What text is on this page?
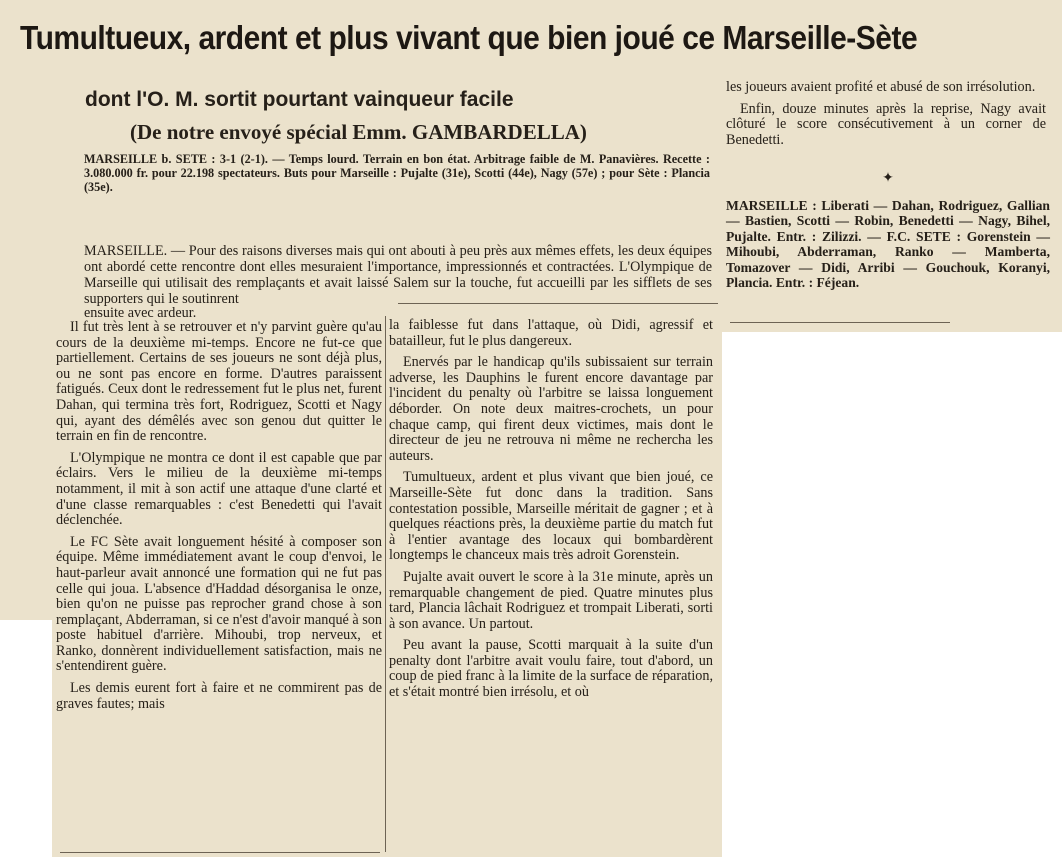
Tumultueux, ardent et plus vivant que bien joué ce Marseille-Sète
dont l'O. M. sortit pourtant vainqueur facile
(De notre envoyé spécial Emm. GAMBARDELLA)
MARSEILLE b. SETE : 3-1 (2-1). — Temps lourd. Terrain en bon état. Arbitrage faible de M. Panavières. Recette : 3.080.000 fr. pour 22.198 spectateurs. Buts pour Marseille : Pujalte (31e), Scotti (44e), Nagy (57e) ; pour Sète : Plancia (35e).
MARSEILLE. — Pour des raisons diverses mais qui ont abouti à peu près aux mêmes effets, les deux équipes ont abordé cette rencontre dont elles mesuraient l'importance, impressionnés et contractées. L'Olympique de Marseille qui utilisait des remplaçants et avait laissé Salem sur la touche, fut accueilli par les sifflets de ses supporters qui le soutinrent
ensuite avec ardeur.

Il fut très lent à se retrouver et n'y parvint guère qu'au cours de la deuxième mi-temps. Encore ne fut-ce que partiellement. Certains de ses joueurs ne sont déjà plus, ou ne sont pas encore en forme. D'autres paraissent fatigués. Ceux dont le redressement fut le plus net, furent Dahan, qui termina très fort, Rodriguez, Scotti et Nagy qui, ayant des démêlés avec son genou dut quitter le terrain en fin de rencontre.

L'Olympique ne montra ce dont il est capable que par éclairs. Vers le milieu de la deuxième mi-temps notamment, il mit à son actif une attaque d'une clarté et d'une classe remarquables : c'est Benedetti qui l'avait déclenchée.

Le FC Sète avait longuement hésité à composer son équipe. Même immédiatement avant le coup d'envoi, le haut-parleur avait annoncé une formation qui ne fut pas celle qui joua. L'absence d'Haddad désorganisa le onze, bien qu'on ne puisse pas reprocher grand chose à son remplaçant, Abderraman, si ce n'est d'avoir manqué à son poste habituel d'arrière. Mihoubi, trop nerveux, et Ranko, donnèrent individuellement satisfaction, mais ne s'entendirent guère.

Les demis eurent fort à faire et ne commirent pas de graves fautes; mais

la faiblesse fut dans l'attaque, où Didi, agressif et batailleur, fut le plus dangereux.

Enervés par le handicap qu'ils subissaient sur terrain adverse, les Dauphins le furent encore davantage par l'incident du penalty où l'arbitre se laissa longuement déborder. On note deux maitres-crochets, un pour chaque camp, qui firent deux victimes, mais dont le directeur de jeu ne retrouva ni même ne rechercha les auteurs.

Tumultueux, ardent et plus vivant que bien joué, ce Marseille-Sète fut donc dans la tradition. Sans contestation possible, Marseille méritait de gagner ; et à quelques réactions près, la deuxième partie du match fut à l'entier avantage des locaux qui bombardèrent longtemps le chanceux mais très adroit Gorenstein.

Pujalte avait ouvert le score à la 31e minute, après un remarquable changement de pied. Quatre minutes plus tard, Plancia lâchait Rodriguez et trompait Liberati, sorti à son avance. Un partout.

Peu avant la pause, Scotti marquait à la suite d'un penalty dont l'arbitre avait voulu faire, tout d'abord, un coup de pied franc à la limite de la surface de réparation, et s'était montré bien irrésolu, et où

les joueurs avaient profité et abusé de son irrésolution.

Enfin, douze minutes après la reprise, Nagy avait clôturé le score consécutivement à un corner de Benedetti.

✦
MARSEILLE : Liberati — Dahan, Rodriguez, Gallian — Bastien, Scotti — Robin, Benedetti — Nagy, Bihel, Pujalte. Entr. : Zilizzi. — F.C. SETE : Gorenstein — Mihoubi, Abderraman, Ranko — Mamberta, Tomazover — Didi, Arribi — Gouchouk, Koranyi, Plancia. Entr. : Féjean.
